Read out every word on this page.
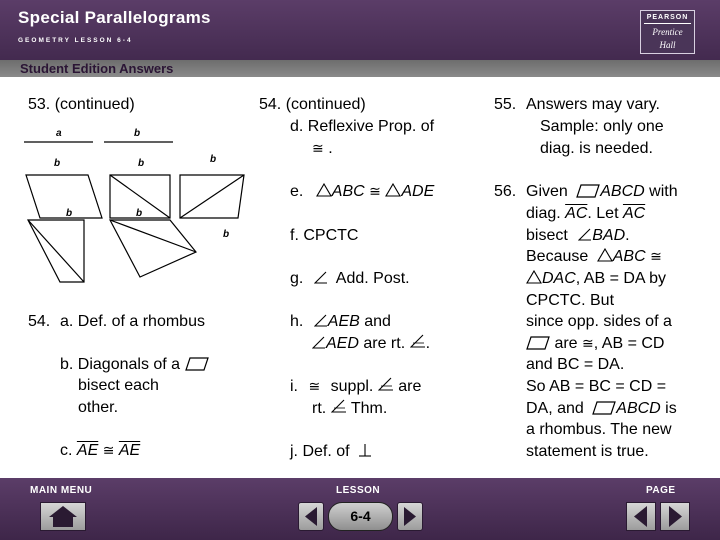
Special Parallelograms
GEOMETRY LESSON 6-4
PEARSON
Prentice
Hall
Student Edition Answers
53. (continued)
a	b
b	b	b
b	b
b
54. a. Def. of a rhombus
b. Diagonals of a
bisect each
other.
c. $\overline{AE}$ ≅ $\overline{AE}$
54. (continued)
d. Reflexive Prop. of
≅ .
e. ABC ≅ ADE
f. CPCTC
g. Add. Post.
h. AEB and
AED are rt. .
i. ≅ suppl. are
rt. Thm.
j. Def. of
55. Answers may vary.
Sample: only one
diag. is needed.
56. Given ABCD with
diag. $\overline{AC}$. Let $\overline{AC}$
bisect BAD.
Because ABC ≅
DAC, AB = DA by
CPCTC. But
since opp. sides of a
are ≅, AB = CD
and BC = DA.
So AB = BC = CD =
DA, and ABCD is
a rhombus. The new
statement is true.
MAIN MENU	LESSON
6-4
PAGE
